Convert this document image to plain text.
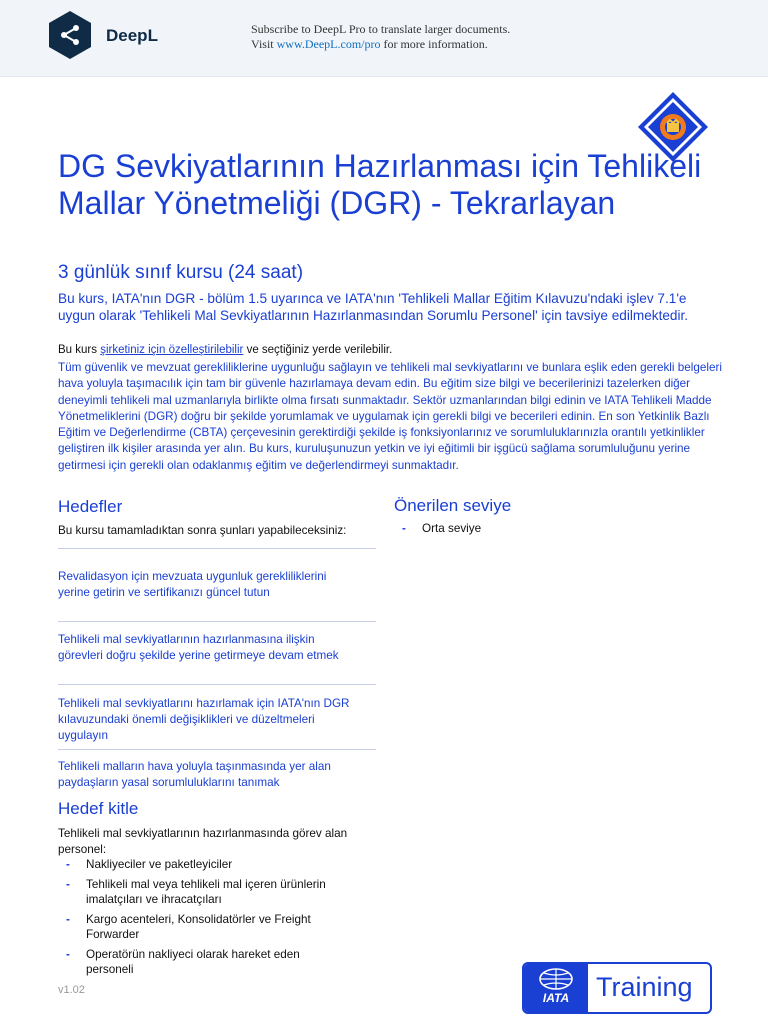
DeepL	Subscribe to DeepL Pro to translate larger documents.
Visit www.DeepL.com/pro for more information.
DG Sevkiyatlarının Hazırlanması için Tehlikeli Mallar Yönetmeliği (DGR) - Tekrarlayan
3 günlük sınıf kursu (24 saat)
Bu kurs, IATA'nın DGR - bölüm 1.5 uyarınca ve IATA'nın 'Tehlikeli Mallar Eğitim Kılavuzu'ndaki işlev 7.1'e uygun olarak 'Tehlikeli Mal Sevkiyatlarının Hazırlanmasından Sorumlu Personel' için tavsiye edilmektedir.
Bu kurs şirketiniz için özelleştirilebilir ve seçtiğiniz yerde verilebilir.
Tüm güvenlik ve mevzuat gerekliliklerine uygunluğu sağlayın ve tehlikeli mal sevkiyatlarını ve bunlara eşlik eden gerekli belgeleri hava yoluyla taşımacılık için tam bir güvenle hazırlamaya devam edin. Bu eğitim size bilgi ve becerilerinizi tazelerken diğer deneyimli tehlikeli mal uzmanlarıyla birlikte olma fırsatı sunmaktadır. Sektör uzmanlarından bilgi edinin ve IATA Tehlikeli Madde Yönetmeliklerini (DGR) doğru bir şekilde yorumlamak ve uygulamak için gerekli bilgi ve becerileri edinin. En son Yetkinlik Bazlı Eğitim ve Değerlendirme (CBTA) çerçevesinin gerektirdiği şekilde iş fonksiyonlarınız ve sorumluluklarınızla orantılı yetkinlikler geliştiren ilk kişiler arasında yer alın. Bu kurs, kuruluşunuzun yetkin ve iyi eğitimli bir işgücü sağlama sorumluluğunu yerine getirmesi için gerekli olan odaklanmış eğitim ve değerlendirmeyi sunmaktadır.
Hedefler
Bu kursu tamamladıktan sonra şunları yapabileceksiniz:
Revalidasyon için mevzuata uygunluk gerekliliklerini yerine getirin ve sertifikanızı güncel tutun
Tehlikeli mal sevkiyatlarının hazırlanmasına ilişkin görevleri doğru şekilde yerine getirmeye devam etmek
Tehlikeli mal sevkiyatlarını hazırlamak için IATA'nın DGR kılavuzundaki önemli değişiklikleri ve düzeltmeleri uygulayın
Tehlikeli malların hava yoluyla taşınmasında yer alan paydaşların yasal sorumluluklarını tanımak
Önerilen seviye
- Orta seviye
Hedef kitle
Tehlikeli mal sevkiyatlarının hazırlanmasında görev alan personel:
- Nakliyeciler ve paketleyiciler
- Tehlikeli mal veya tehlikeli mal içeren ürünlerin imalatçıları ve ihracatçıları
- Kargo acenteleri, Konsolidatörler ve Freight Forwarder
- Operatörün nakliyeci olarak hareket eden personeli
v1.02
IATA Training
